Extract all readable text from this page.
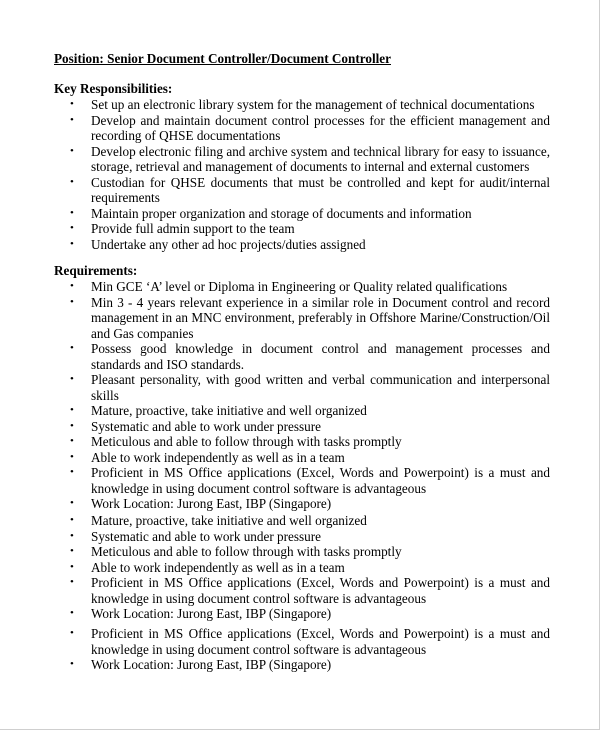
Position: Senior Document Controller/Document Controller
Key Responsibilities:
• Set up an electronic library system for the management of technical documentations
• Develop and maintain document control processes for the efficient management and recording of QHSE documentations
• Develop electronic filing and archive system and technical library for easy to issuance, storage, retrieval and management of documents to internal and external customers
• Custodian for QHSE documents that must be controlled and kept for audit/internal requirements
• Maintain proper organization and storage of documents and information
• Provide full admin support to the team
• Undertake any other ad hoc projects/duties assigned
Requirements:
• Min GCE ‘A’ level or Diploma in Engineering or Quality related qualifications
• Min 3 - 4 years relevant experience in a similar role in Document control and record management in an MNC environment, preferably in Offshore Marine/Construction/Oil and Gas companies
• Possess good knowledge in document control and management processes and standards and ISO standards.
• Pleasant personality, with good written and verbal communication and interpersonal skills
• Mature, proactive, take initiative and well organized
• Systematic and able to work under pressure
• Meticulous and able to follow through with tasks promptly
• Able to work independently as well as in a team
• Proficient in MS Office applications (Excel, Words and Powerpoint) is a must and knowledge in using document control software is advantageous
• Work Location: Jurong East, IBP (Singapore)
• Mature, proactive, take initiative and well organized
• Systematic and able to work under pressure
• Meticulous and able to follow through with tasks promptly
• Able to work independently as well as in a team
• Proficient in MS Office applications (Excel, Words and Powerpoint) is a must and knowledge in using document control software is advantageous
• Work Location: Jurong East, IBP (Singapore)
• Proficient in MS Office applications (Excel, Words and Powerpoint) is a must and knowledge in using document control software is advantageous
• Work Location: Jurong East, IBP (Singapore)
